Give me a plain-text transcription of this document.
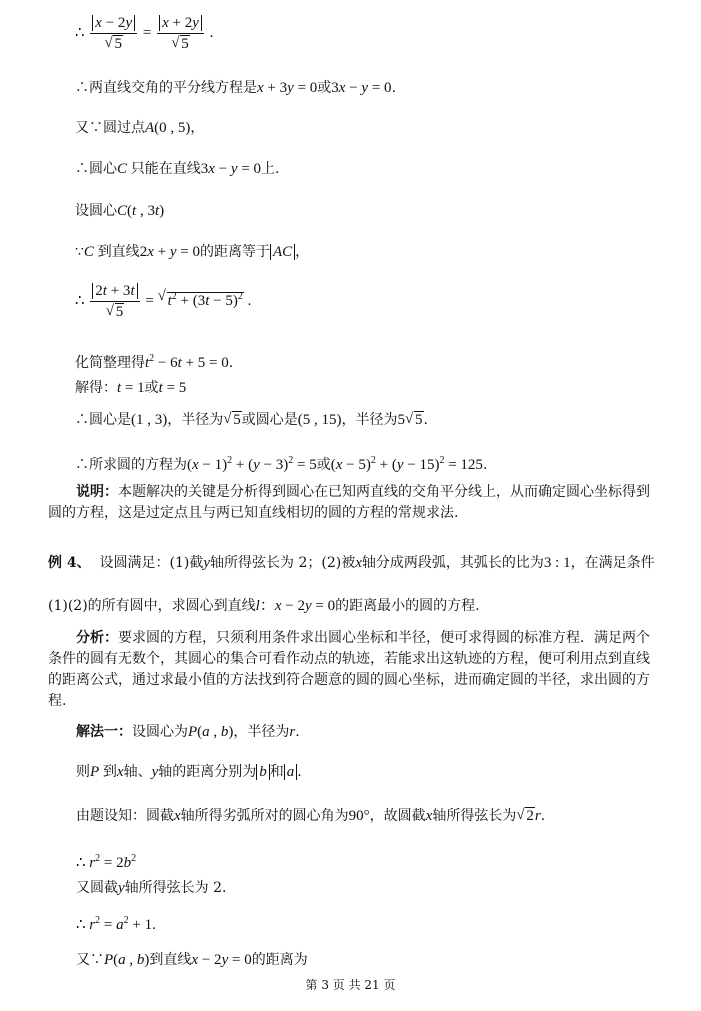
∴ x − 2y
√ 5 = x + 2y
√ 5 .
∴两直线交角的平分线方程是x + 3y = 0或3x − y = 0.
又∵圆过点A(0 , 5)，
∴圆心C 只能在直线3x − y = 0上.
设圆心C(t , 3t)
∵C 到直线2x + y = 0的距离等于 AC ，
∴ 2t + 3t
√ 5 = √ $t^2 + (3t - 5)^2$ .
化简整理得$t^2 - 6t + 5 = 0$.
解得：t = 1或t = 5
∴圆心是(1 , 3)，半径为 √ 5或圆心是(5 , 15)，半径为5 √ 5.
∴所求圆的方程为$(x - 1)^2 + (y - 3)^2 = 5$或$(x - 5)^2 + (y - 15)^2 = 125$.
说明：本题解决的关键是分析得到圆心在已知两直线的交角平分线上，从而确定圆心坐标得到圆的方程，这是过定点且与两已知直线相切的圆的方程的常规求法.
例 4、 设圆满足：(1)截y轴所得弦长为 2；(2)被x轴分成两段弧，其弧长的比为3 : 1，在满足条件
(1)(2)的所有圆中，求圆心到直线l：x − 2y = 0的距离最小的圆的方程.
分析：要求圆的方程，只须利用条件求出圆心坐标和半径，便可求得圆的标准方程．满足两个条件的圆有无数个，其圆心的集合可看作动点的轨迹，若能求出这轨迹的方程，便可利用点到直线的距离公式，通过求最小值的方法找到符合题意的圆的圆心坐标，进而确定圆的半径，求出圆的方程.
解法一：设圆心为P(a , b)，半径为r.
则P 到x轴、y轴的距离分别为 b 和 a .
由题设知：圆截x轴所得劣弧所对的圆心角为90°，故圆截x轴所得弦长为 √ 2r.
∴ $r^2 = 2b^2$
又圆截y轴所得弦长为 2.
∴ $r^2 = a^2 + 1$.
又∵P(a , b)到直线x − 2y = 0的距离为
第 3 页 共 21 页
